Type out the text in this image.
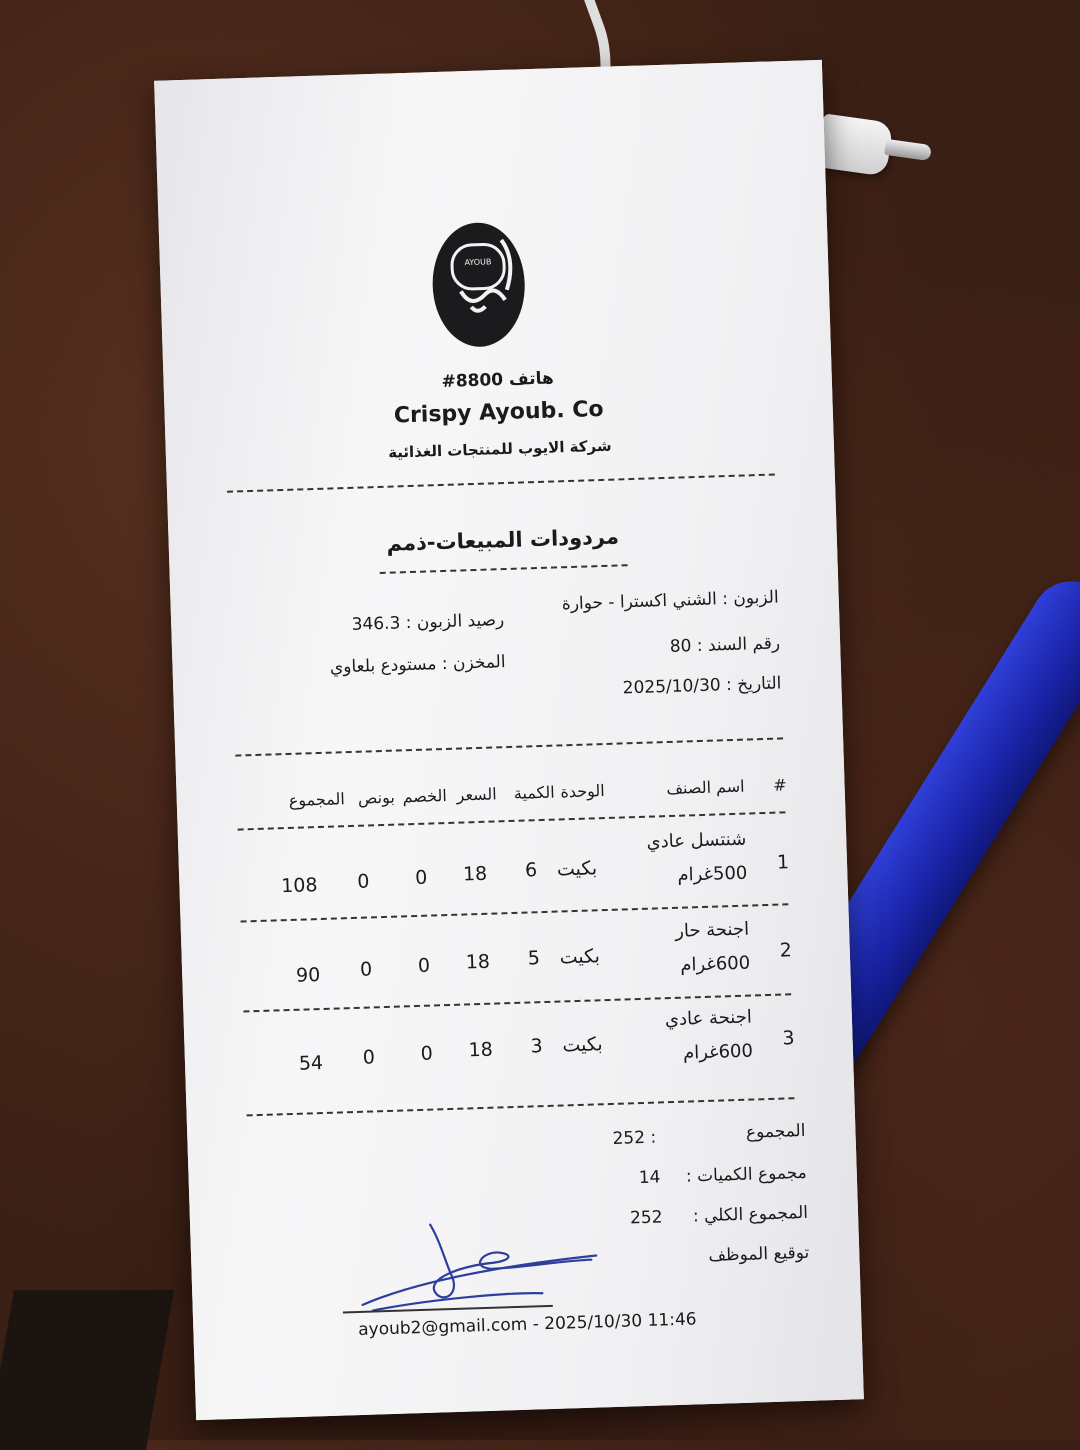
AYOUB
هاتف 8800#
Crispy Ayoub. Co
شركة الايوب للمنتجات الغذائية
مردودات المبيعات-ذمم
الزبون : الشني اكسترا - حوارة
رصيد الزبون : 346.3
رقم السند : 80
المخزن : مستودع بلعاوي
التاريخ : 2025/10/30
#
اسم الصنف
الوحدة
الكمية
السعر
الخصم
بونص
المجموع
1
شنتسل عادي
500غرام
بكيت
6
18
0
0
108
2
اجنحة حار
600غرام
بكيت
5
18
0
0
90
3
اجنحة عادي
600غرام
بكيت
3
18
0
0
54
المجموع
252 :
مجموع الكميات :
14
المجموع الكلي :
252
توقيع الموظف
ayoub2@gmail.com - 2025/10/30 11:46
